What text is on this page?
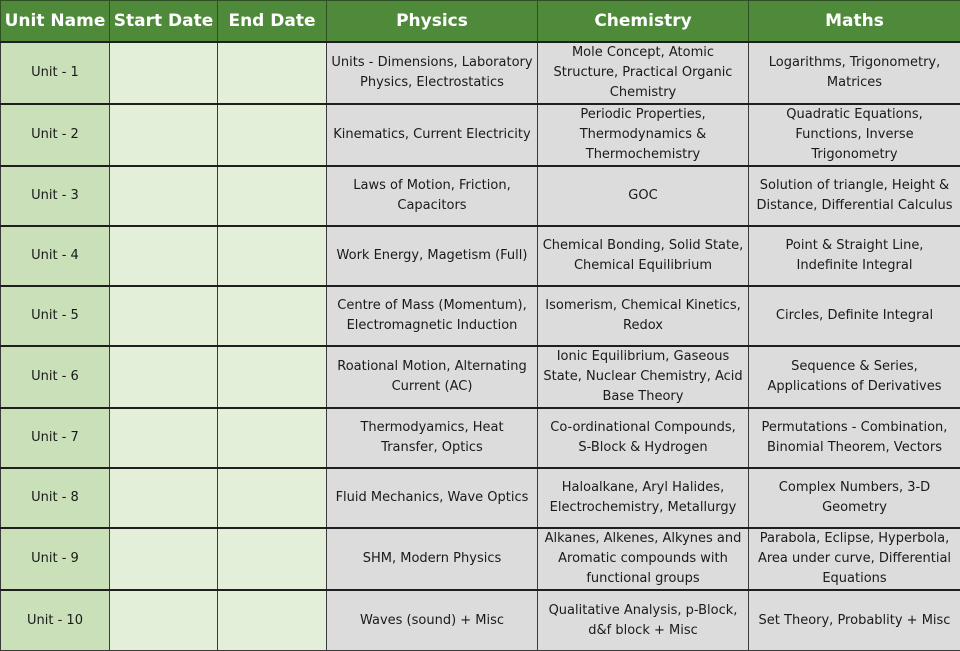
Unit Name	Start Date	End Date	Physics	Chemistry	Maths
Unit - 1			Units - Dimensions, Laboratory Physics, Electrostatics	Mole Concept, Atomic Structure, Practical Organic Chemistry	Logarithms, Trigonometry, Matrices
Unit - 2			Kinematics, Current Electricity	Periodic Properties, Thermodynamics & Thermochemistry	Quadratic Equations, Functions, Inverse Trigonometry
Unit - 3			Laws of Motion, Friction, Capacitors	GOC	Solution of triangle, Height & Distance, Differential Calculus
Unit - 4			Work Energy, Magetism (Full)	Chemical Bonding, Solid State, Chemical Equilibrium	Point & Straight Line, Indefinite Integral
Unit - 5			Centre of Mass (Momentum), Electromagnetic Induction	Isomerism, Chemical Kinetics, Redox	Circles, Definite Integral
Unit - 6			Roational Motion, Alternating Current (AC)	Ionic Equilibrium, Gaseous State, Nuclear Chemistry, Acid Base Theory	Sequence & Series, Applications of Derivatives
Unit - 7			Thermodyamics, Heat Transfer, Optics	Co-ordinational Compounds, S-Block & Hydrogen	Permutations - Combination, Binomial Theorem, Vectors
Unit - 8			Fluid Mechanics, Wave Optics	Haloalkane, Aryl Halides, Electrochemistry, Metallurgy	Complex Numbers, 3-D Geometry
Unit - 9			SHM, Modern Physics	Alkanes, Alkenes, Alkynes and Aromatic compounds with functional groups	Parabola, Eclipse, Hyperbola, Area under curve, Differential Equations
Unit - 10			Waves (sound) + Misc	Qualitative Analysis, p-Block, d&f block + Misc	Set Theory, Probablity + Misc
